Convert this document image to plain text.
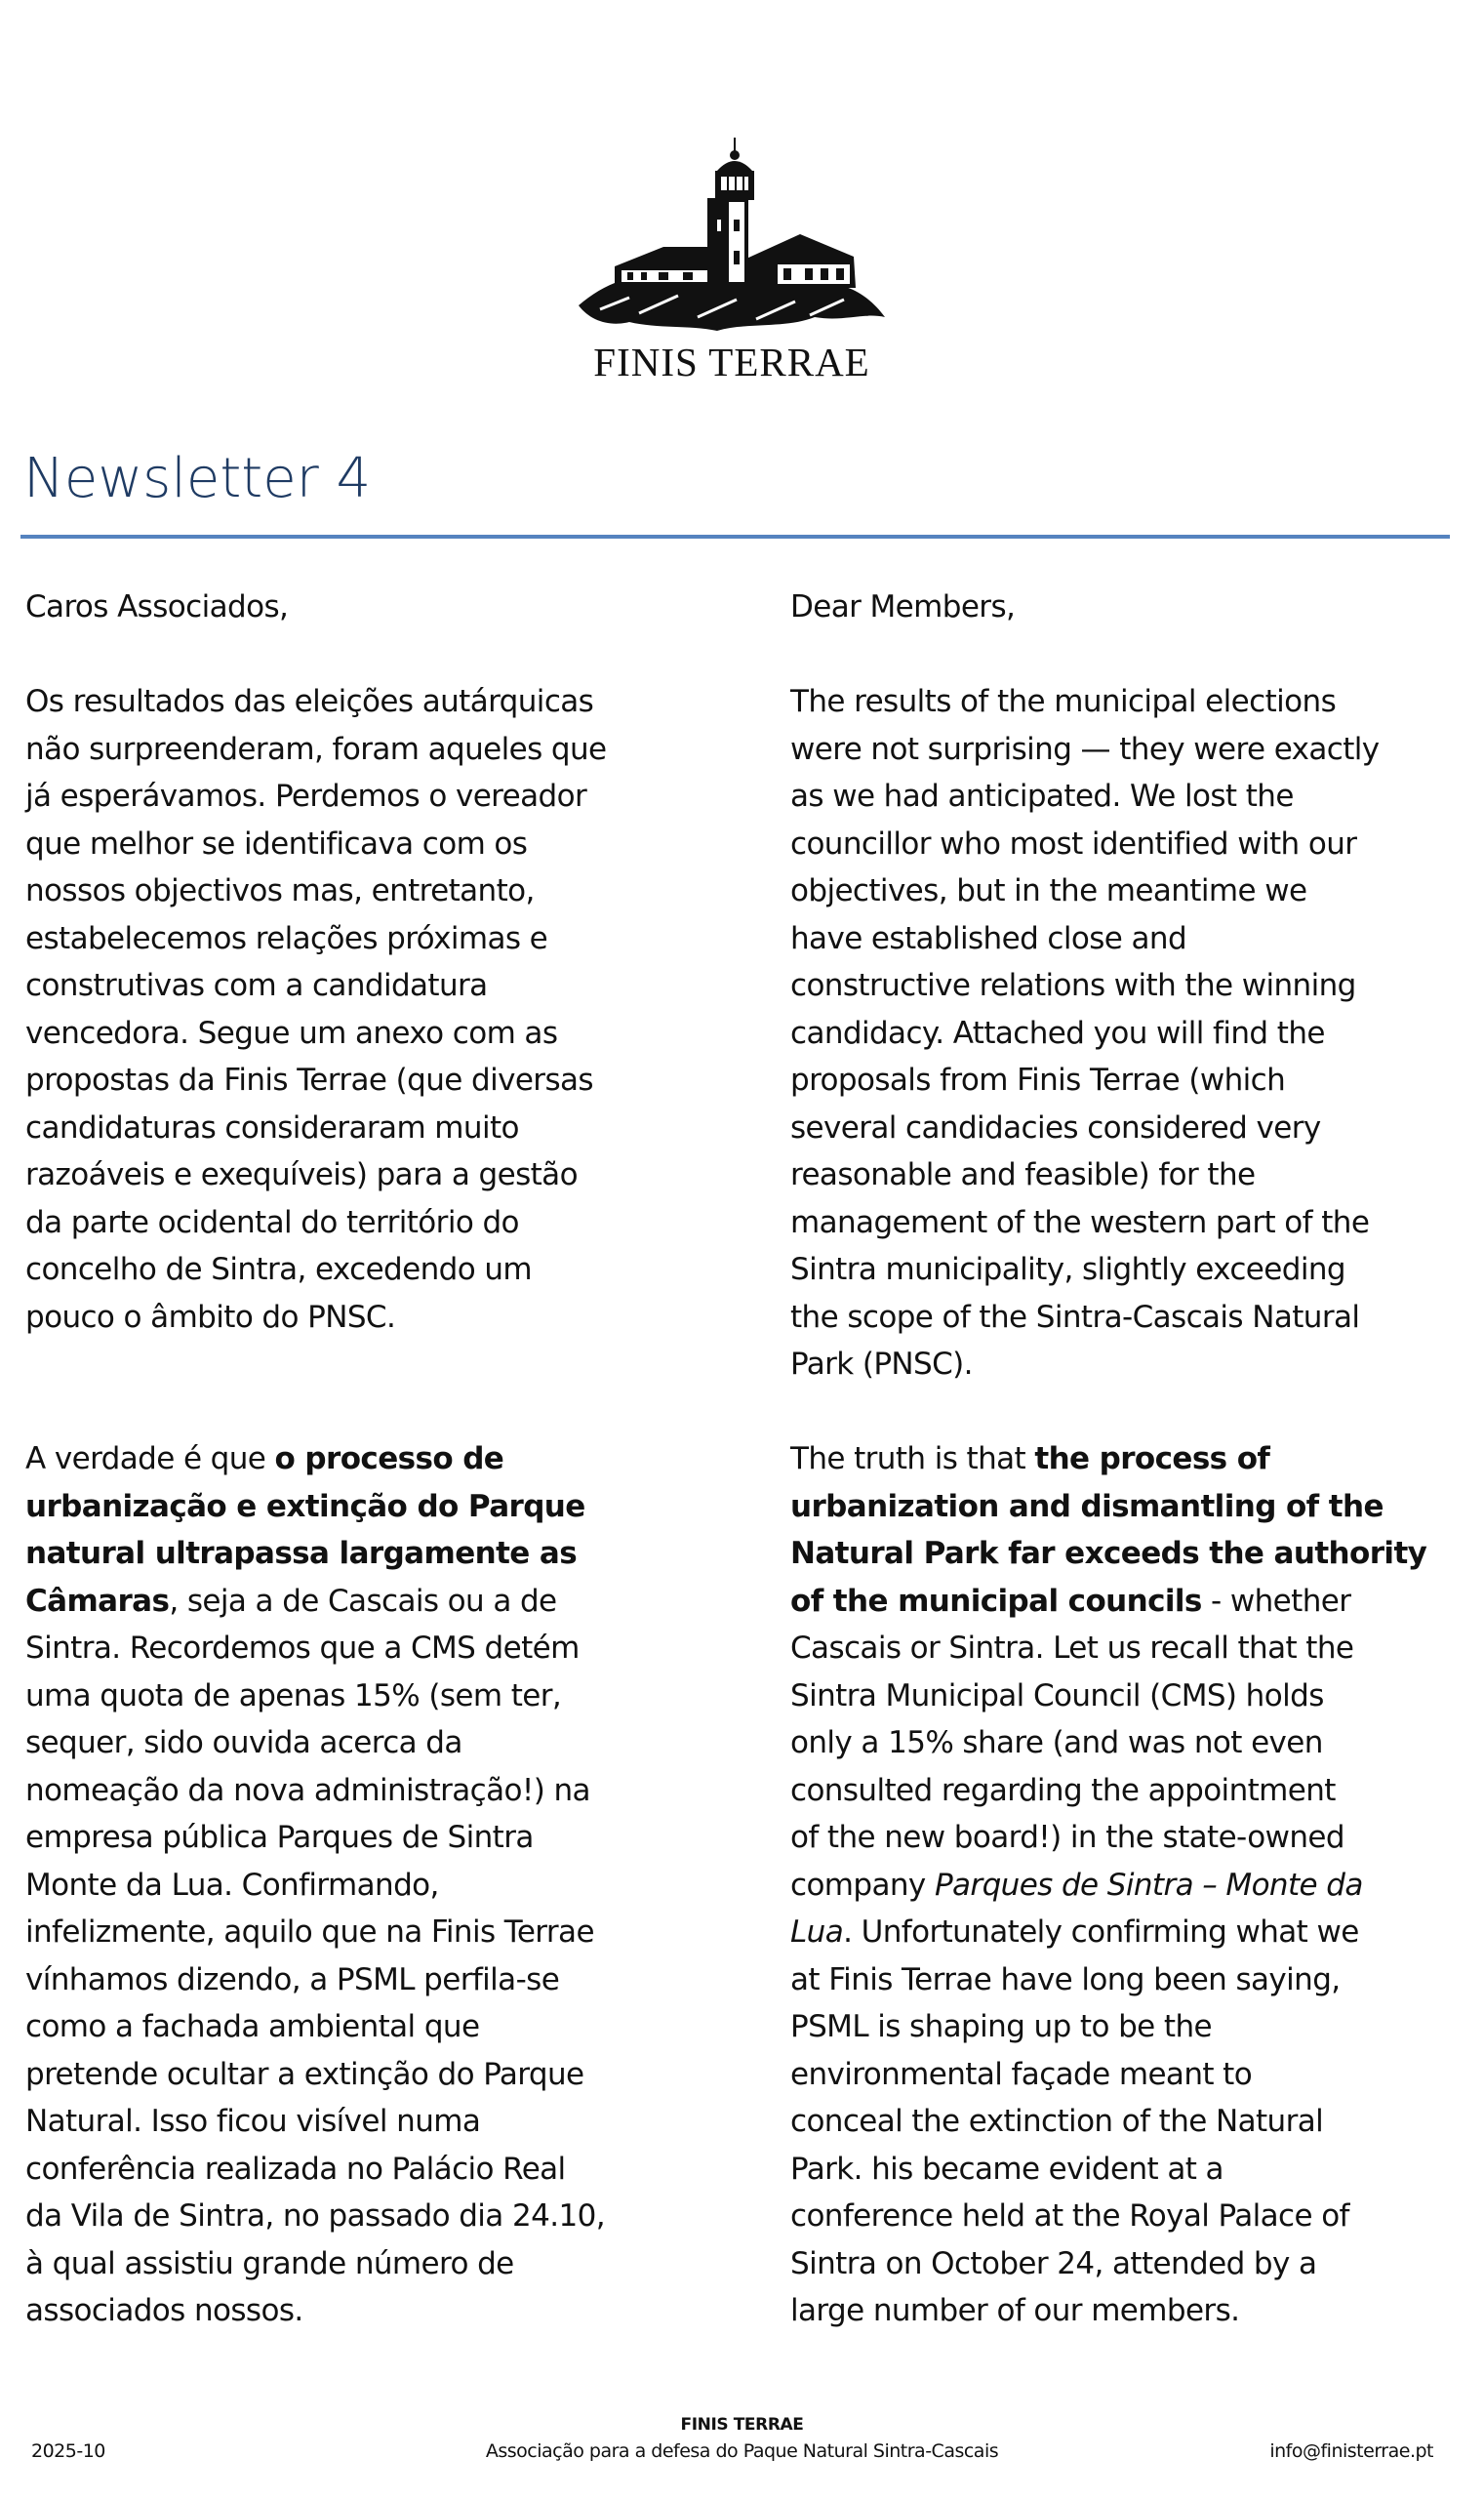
FINIS TERRAE
Newsletter 4
Caros Associados,
Os resultados das eleições autárquicas
não surpreenderam, foram aqueles que
já esperávamos. Perdemos o vereador
que melhor se identificava com os
nossos objectivos mas, entretanto,
estabelecemos relações próximas e
construtivas com a candidatura
vencedora. Segue um anexo com as
propostas da Finis Terrae (que diversas
candidaturas consideraram muito
razoáveis e exequíveis) para a gestão
da parte ocidental do território do
concelho de Sintra, excedendo um
pouco o âmbito do PNSC.
A verdade é que o processo de
urbanização e extinção do Parque
natural ultrapassa largamente as
Câmaras, seja a de Cascais ou a de
Sintra. Recordemos que a CMS detém
uma quota de apenas 15% (sem ter,
sequer, sido ouvida acerca da
nomeação da nova administração!) na
empresa pública Parques de Sintra
Monte da Lua. Confirmando,
infelizmente, aquilo que na Finis Terrae
vínhamos dizendo, a PSML perfila-se
como a fachada ambiental que
pretende ocultar a extinção do Parque
Natural. Isso ficou visível numa
conferência realizada no Palácio Real
da Vila de Sintra, no passado dia 24.10,
à qual assistiu grande número de
associados nossos.
Dear Members,
The results of the municipal elections
were not surprising — they were exactly
as we had anticipated. We lost the
councillor who most identified with our
objectives, but in the meantime we
have established close and
constructive relations with the winning
candidacy. Attached you will find the
proposals from Finis Terrae (which
several candidacies considered very
reasonable and feasible) for the
management of the western part of the
Sintra municipality, slightly exceeding
the scope of the Sintra-Cascais Natural
Park (PNSC).
The truth is that the process of
urbanization and dismantling of the
Natural Park far exceeds the authority
of the municipal councils - whether
Cascais or Sintra. Let us recall that the
Sintra Municipal Council (CMS) holds
only a 15% share (and was not even
consulted regarding the appointment
of the new board!) in the state-owned
company Parques de Sintra – Monte da
Lua. Unfortunately confirming what we
at Finis Terrae have long been saying,
PSML is shaping up to be the
environmental façade meant to
conceal the extinction of the Natural
Park. his became evident at a
conference held at the Royal Palace of
Sintra on October 24, attended by a
large number of our members.
2025-10
FINIS TERRAE
Associação para a defesa do Paque Natural Sintra-Cascais	info@finisterrae.pt
